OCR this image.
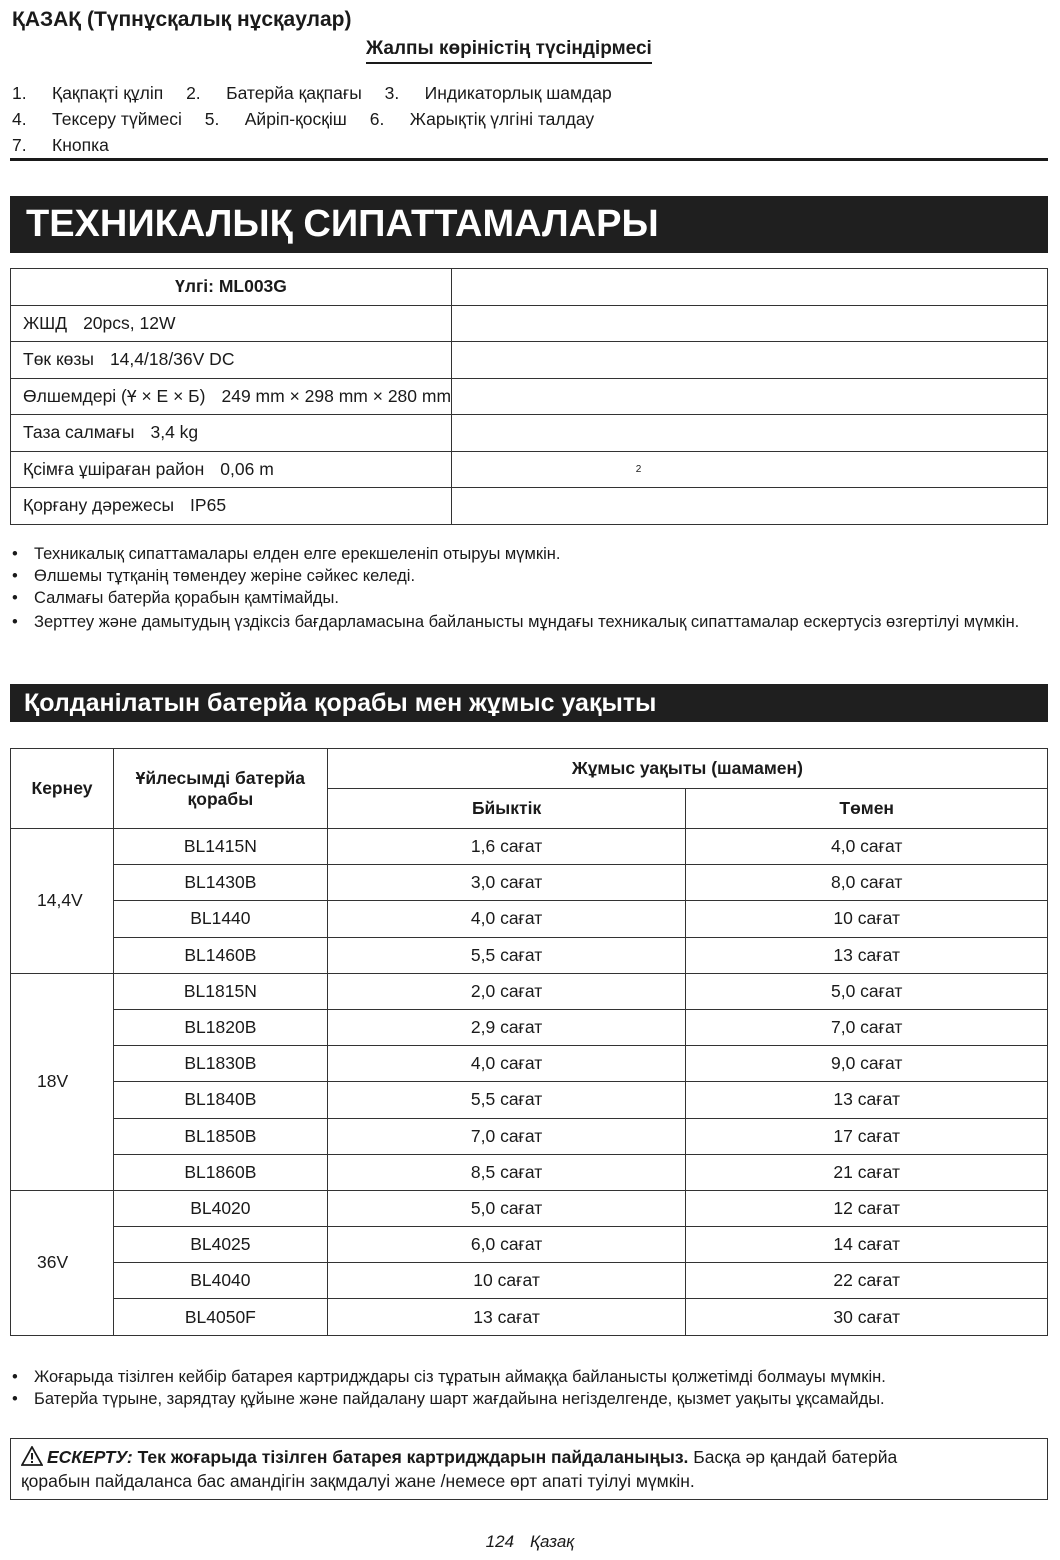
ҚАЗАҚ (Түпнұсқалық нұсқаулар)
Жалпы көріністің түсіндірмесі
1. Қақпақті құліп 2. Батерйа қақпағы 3. Индикаторлық шамдар
4. Тексеру түймесі 5. Айріп-қосқіш 6. Жарықтіқ үлгіні талдау
7. Кнопка
ТЕХНИКАЛЫҚ СИПАТТАМАЛАРЫ
Үлгі: ML003G	
ЖШД 20pcs, 12W	
Төк көзы 14,4/18/36V DC	
Өлшемдері (Ұ × Е × Б) 249 mm × 298 mm × 280 mm	
Таза салмағы 3,4 kg	
Қсімға ұшіраған район 0,06 m 2	
Қорғану дәрежесы IP65	
• Техникалық сипаттамалары елден елге ерекшеленіп отыруы мүмкін.
• Өлшемы тұтқанің төмендеу жеріне сәйкес келеді.
• Салмағы батерйа қорабын қамтімайды.
• Зерттеу және дамытудың үздіксіз бағдарламасына байланысты мұндағы техникалық сипаттамалар ескертусіз өзгертілуі мүмкін.
Қолданілатын батерйа қорабы мен жұмыс уақыты
Кернеу	Ұйлесымді батерйа қорабы	Жұмыс уақыты (шамамен)	
		Бйыктік	Төмен
14,4V	BL1415N	1,6 сағат	4,0 сағат
	BL1430B	3,0 сағат	8,0 сағат
	BL1440	4,0 сағат	10 сағат
	BL1460B	5,5 сағат	13 сағат
18V	BL1815N	2,0 сағат	5,0 сағат
	BL1820B	2,9 сағат	7,0 сағат
	BL1830B	4,0 сағат	9,0 сағат
	BL1840B	5,5 сағат	13 сағат
	BL1850B	7,0 сағат	17 сағат
	BL1860B	8,5 сағат	21 сағат
36V	BL4020	5,0 сағат	12 сағат
	BL4025	6,0 сағат	14 сағат
	BL4040	10 сағат	22 сағат
	BL4050F	13 сағат	30 сағат
• Жоғарыда тізілген кейбір батарея картридждары сіз тұратын аймаққа байланысты қолжетімді болмауы мүмкін.
• Батерйа түрыне, зарядтау құйыне және пайдалану шарт жағдайына негізделгенде, қызмет уақыты ұқсамайды.
ЕСКЕРТУ: Тек жоғарыда тізілген батарея картридждарын пайдаланыңыз. Басқа әр қандай батерйа
қорабын пайдаланса бас амандігін зақмдалуі жане /немесе өрт апаті туілуі мүмкін.
124 Қазақ
